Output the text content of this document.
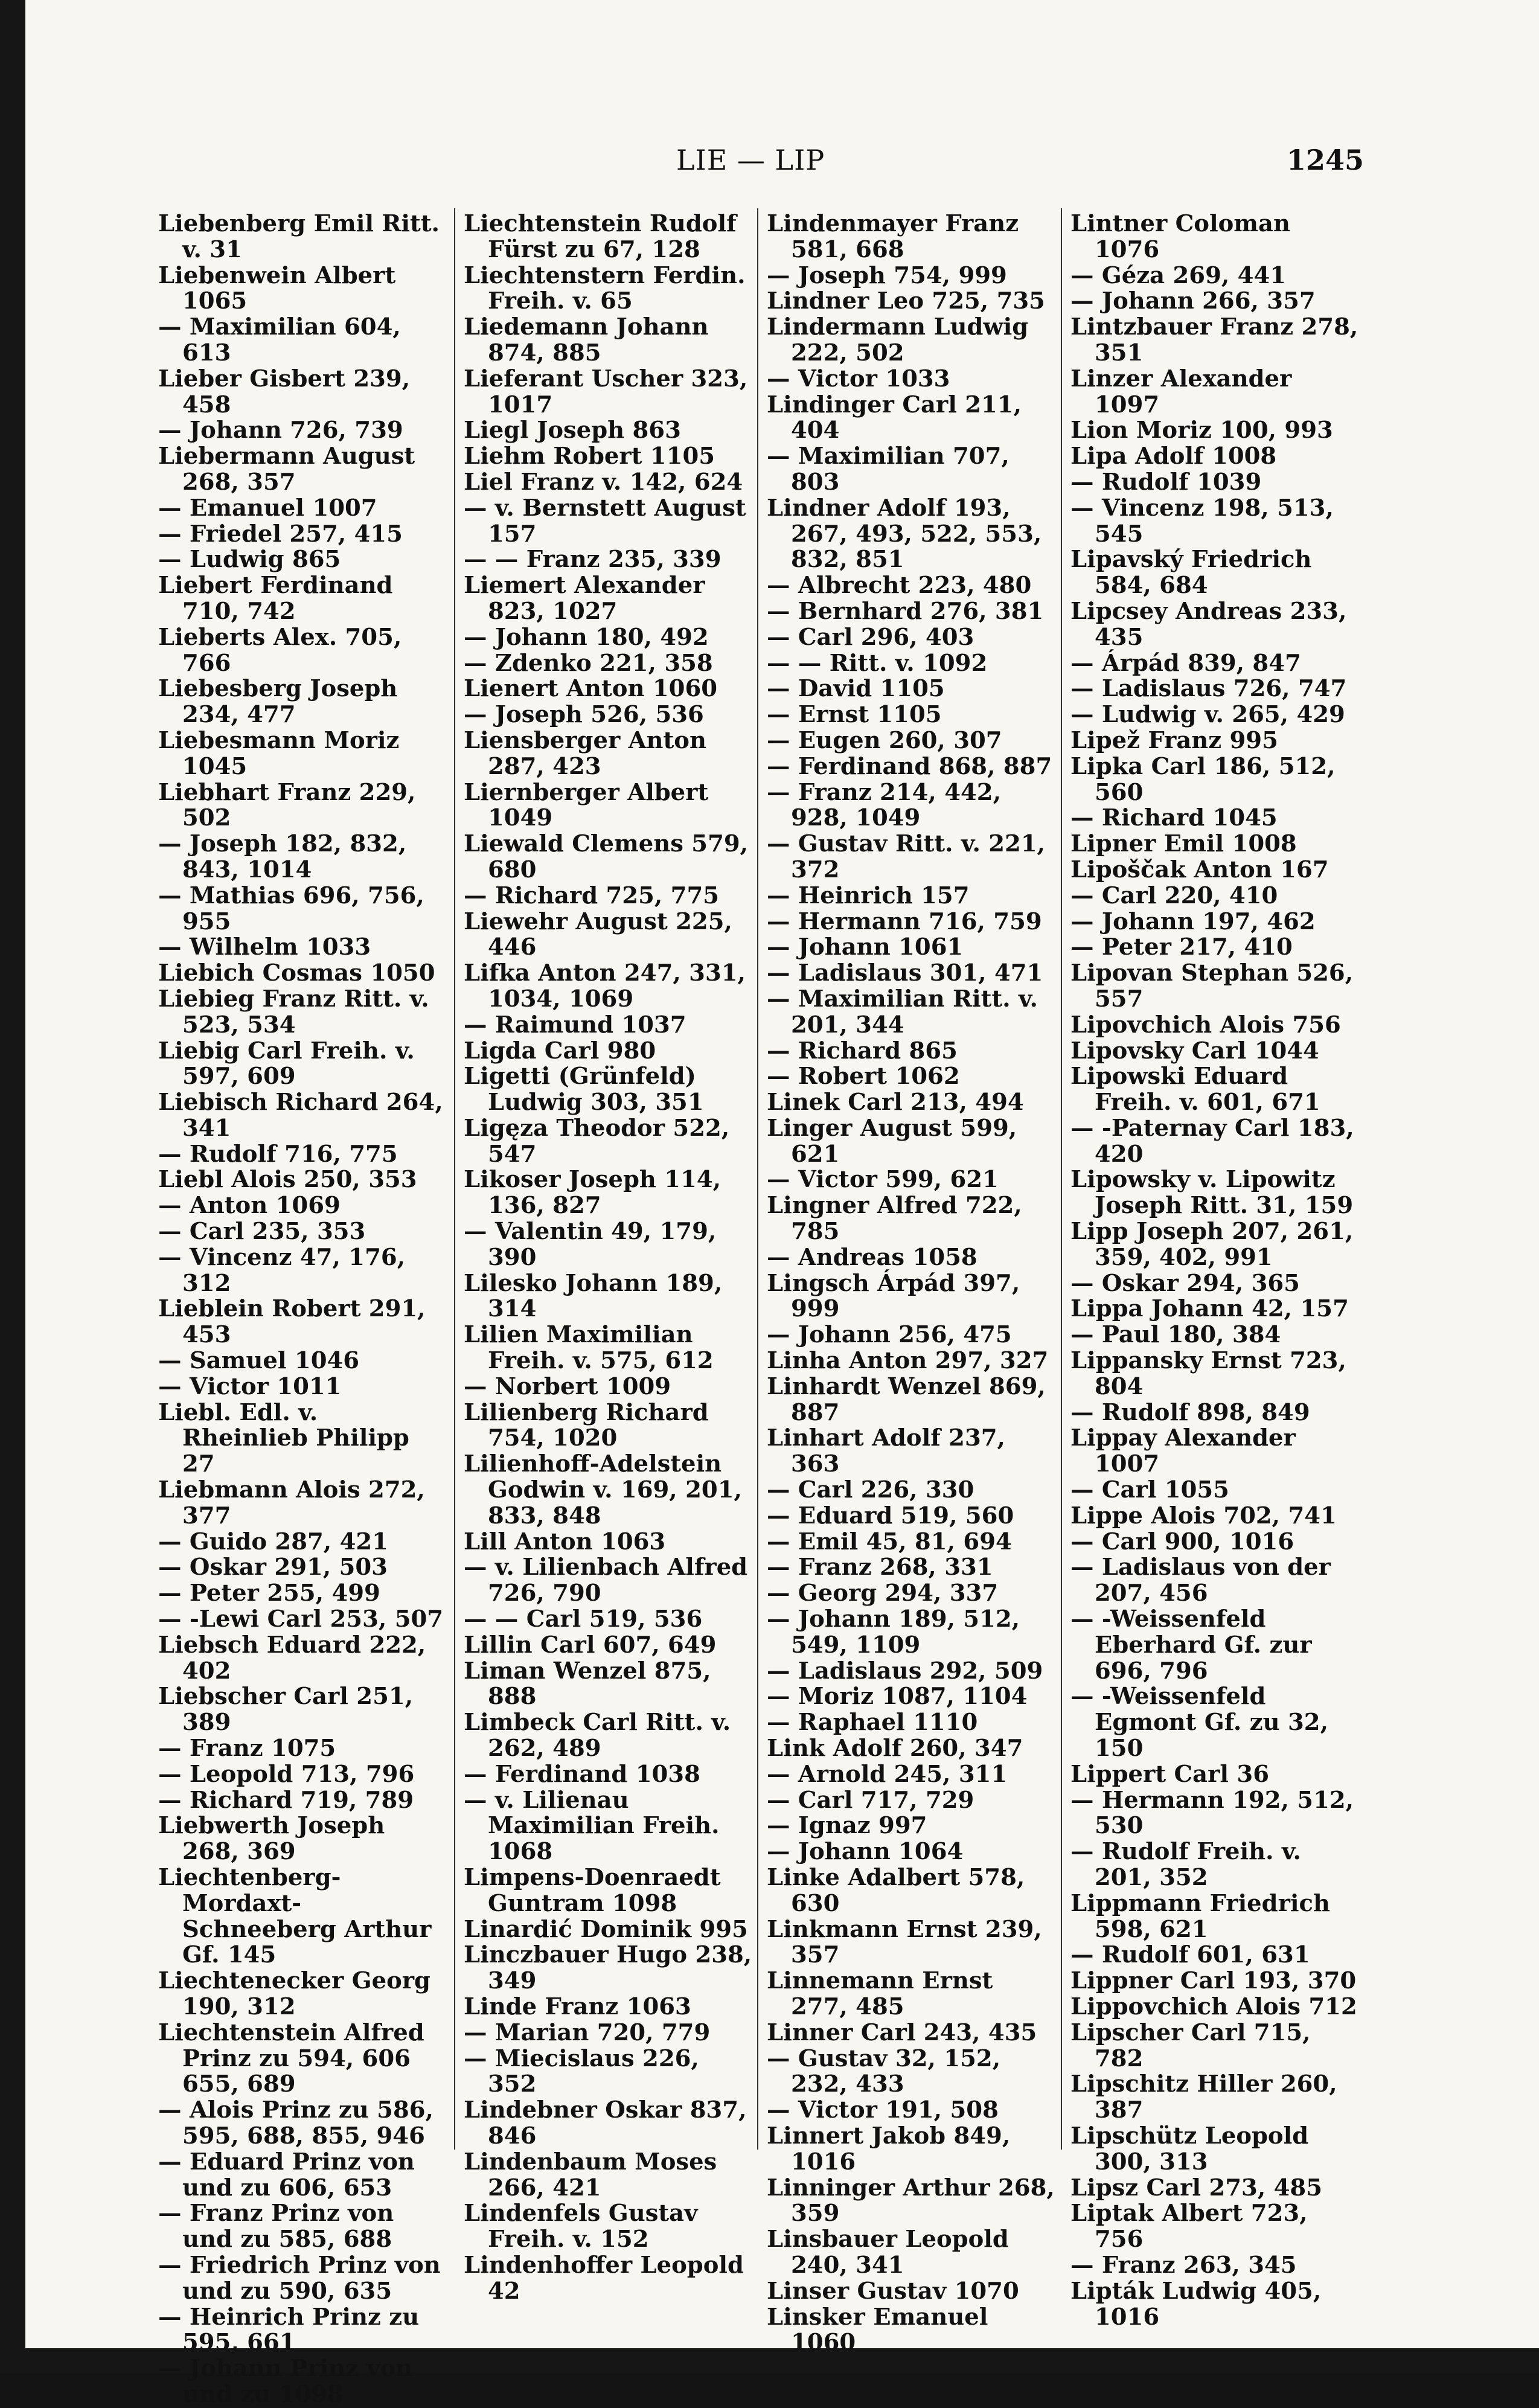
LIE — LIP	1245
Liebenberg Emil Ritt. v. 31
Liebenwein Albert 1065
— Maximilian 604, 613
Lieber Gisbert 239, 458
— Johann 726, 739
Liebermann August 268, 357
— Emanuel 1007
— Friedel 257, 415
— Ludwig 865
Liebert Ferdinand 710, 742
Lieberts Alex. 705, 766
Liebesberg Joseph 234, 477
Liebesmann Moriz 1045
Liebhart Franz 229, 502
— Joseph 182, 832, 843, 1014
— Mathias 696, 756, 955
— Wilhelm 1033
Liebich Cosmas 1050
Liebieg Franz Ritt. v. 523, 534
Liebig Carl Freih. v. 597, 609
Liebisch Richard 264, 341
— Rudolf 716, 775
Liebl Alois 250, 353
— Anton 1069
— Carl 235, 353
— Vincenz 47, 176, 312
Lieblein Robert 291, 453
— Samuel 1046
— Victor 1011
Liebl. Edl. v. Rheinlieb Philipp 27
Liebmann Alois 272, 377
— Guido 287, 421
— Oskar 291, 503
— Peter 255, 499
— -Lewi Carl 253, 507
Liebsch Eduard 222, 402
Liebscher Carl 251, 389
— Franz 1075
— Leopold 713, 796
— Richard 719, 789
Liebwerth Joseph 268, 369
Liechtenberg-Mordaxt-Schneeberg Arthur Gf. 145
Liechtenecker Georg 190, 312
Liechtenstein Alfred Prinz zu 594, 606 655, 689
— Alois Prinz zu 586, 595, 688, 855, 946
— Eduard Prinz von und zu 606, 653
— Franz Prinz von und zu 585, 688
— Friedrich Prinz von und zu 590, 635
— Heinrich Prinz zu 595, 661
— Johann Prinz von und zu 1098
Liechtenstein Rudolf Fürst zu 67, 128
Liechtenstern Ferdin. Freih. v. 65
Liedemann Johann 874, 885
Lieferant Uscher 323, 1017
Liegl Joseph 863
Liehm Robert 1105
Liel Franz v. 142, 624
— v. Bernstett August 157
— — Franz 235, 339
Liemert Alexander 823, 1027
— Johann 180, 492
— Zdenko 221, 358
Lienert Anton 1060
— Joseph 526, 536
Liensberger Anton 287, 423
Liernberger Albert 1049
Liewald Clemens 579, 680
— Richard 725, 775
Liewehr August 225, 446
Lifka Anton 247, 331, 1034, 1069
— Raimund 1037
Ligda Carl 980
Ligetti (Grünfeld) Ludwig 303, 351
Ligęza Theodor 522, 547
Likoser Joseph 114, 136, 827
— Valentin 49, 179, 390
Lilesko Johann 189, 314
Lilien Maximilian Freih. v. 575, 612
— Norbert 1009
Lilienberg Richard 754, 1020
Lilienhoff-Adelstein Godwin v. 169, 201, 833, 848
Lill Anton 1063
— v. Lilienbach Alfred 726, 790
— — Carl 519, 536
Lillin Carl 607, 649
Liman Wenzel 875, 888
Limbeck Carl Ritt. v. 262, 489
— Ferdinand 1038
— v. Lilienau Maximilian Freih. 1068
Limpens-Doenraedt Guntram 1098
Linardić Dominik 995
Linczbauer Hugo 238, 349
Linde Franz 1063
— Marian 720, 779
— Miecislaus 226, 352
Lindebner Oskar 837, 846
Lindenbaum Moses 266, 421
Lindenfels Gustav Freih. v. 152
Lindenhoffer Leopold 42
Lindenmayer Franz 581, 668
— Joseph 754, 999
Lindner Leo 725, 735
Lindermann Ludwig 222, 502
— Victor 1033
Lindinger Carl 211, 404
— Maximilian 707, 803
Lindner Adolf 193, 267, 493, 522, 553, 832, 851
— Albrecht 223, 480
— Bernhard 276, 381
— Carl 296, 403
— — Ritt. v. 1092
— David 1105
— Ernst 1105
— Eugen 260, 307
— Ferdinand 868, 887
— Franz 214, 442, 928, 1049
— Gustav Ritt. v. 221, 372
— Heinrich 157
— Hermann 716, 759
— Johann 1061
— Ladislaus 301, 471
— Maximilian Ritt. v. 201, 344
— Richard 865
— Robert 1062
Linek Carl 213, 494
Linger August 599, 621
— Victor 599, 621
Lingner Alfred 722, 785
— Andreas 1058
Lingsch Árpád 397, 999
— Johann 256, 475
Linha Anton 297, 327
Linhardt Wenzel 869, 887
Linhart Adolf 237, 363
— Carl 226, 330
— Eduard 519, 560
— Emil 45, 81, 694
— Franz 268, 331
— Georg 294, 337
— Johann 189, 512, 549, 1109
— Ladislaus 292, 509
— Moriz 1087, 1104
— Raphael 1110
Link Adolf 260, 347
— Arnold 245, 311
— Carl 717, 729
— Ignaz 997
— Johann 1064
Linke Adalbert 578, 630
Linkmann Ernst 239, 357
Linnemann Ernst 277, 485
Linner Carl 243, 435
— Gustav 32, 152, 232, 433
— Victor 191, 508
Linnert Jakob 849, 1016
Linninger Arthur 268, 359
Linsbauer Leopold 240, 341
Linser Gustav 1070
Linsker Emanuel 1060
Lintner Coloman 1076
— Géza 269, 441
— Johann 266, 357
Lintzbauer Franz 278, 351
Linzer Alexander 1097
Lion Moriz 100, 993
Lipa Adolf 1008
— Rudolf 1039
— Vincenz 198, 513, 545
Lipavský Friedrich 584, 684
Lipcsey Andreas 233, 435
— Árpád 839, 847
— Ladislaus 726, 747
— Ludwig v. 265, 429
Lipež Franz 995
Lipka Carl 186, 512, 560
— Richard 1045
Lipner Emil 1008
Lipoščak Anton 167
— Carl 220, 410
— Johann 197, 462
— Peter 217, 410
Lipovan Stephan 526, 557
Lipovchich Alois 756
Lipovsky Carl 1044
Lipowski Eduard Freih. v. 601, 671
— -Paternay Carl 183, 420
Lipowsky v. Lipowitz Joseph Ritt. 31, 159
Lipp Joseph 207, 261, 359, 402, 991
— Oskar 294, 365
Lippa Johann 42, 157
— Paul 180, 384
Lippansky Ernst 723, 804
— Rudolf 898, 849
Lippay Alexander 1007
— Carl 1055
Lippe Alois 702, 741
— Carl 900, 1016
— Ladislaus von der 207, 456
— -Weissenfeld Eberhard Gf. zur 696, 796
— -Weissenfeld Egmont Gf. zu 32, 150
Lippert Carl 36
— Hermann 192, 512, 530
— Rudolf Freih. v. 201, 352
Lippmann Friedrich 598, 621
— Rudolf 601, 631
Lippner Carl 193, 370
Lippovchich Alois 712
Lipscher Carl 715, 782
Lipschitz Hiller 260, 387
Lipschütz Leopold 300, 313
Lipsz Carl 273, 485
Liptak Albert 723, 756
— Franz 263, 345
Lipták Ludwig 405, 1016
